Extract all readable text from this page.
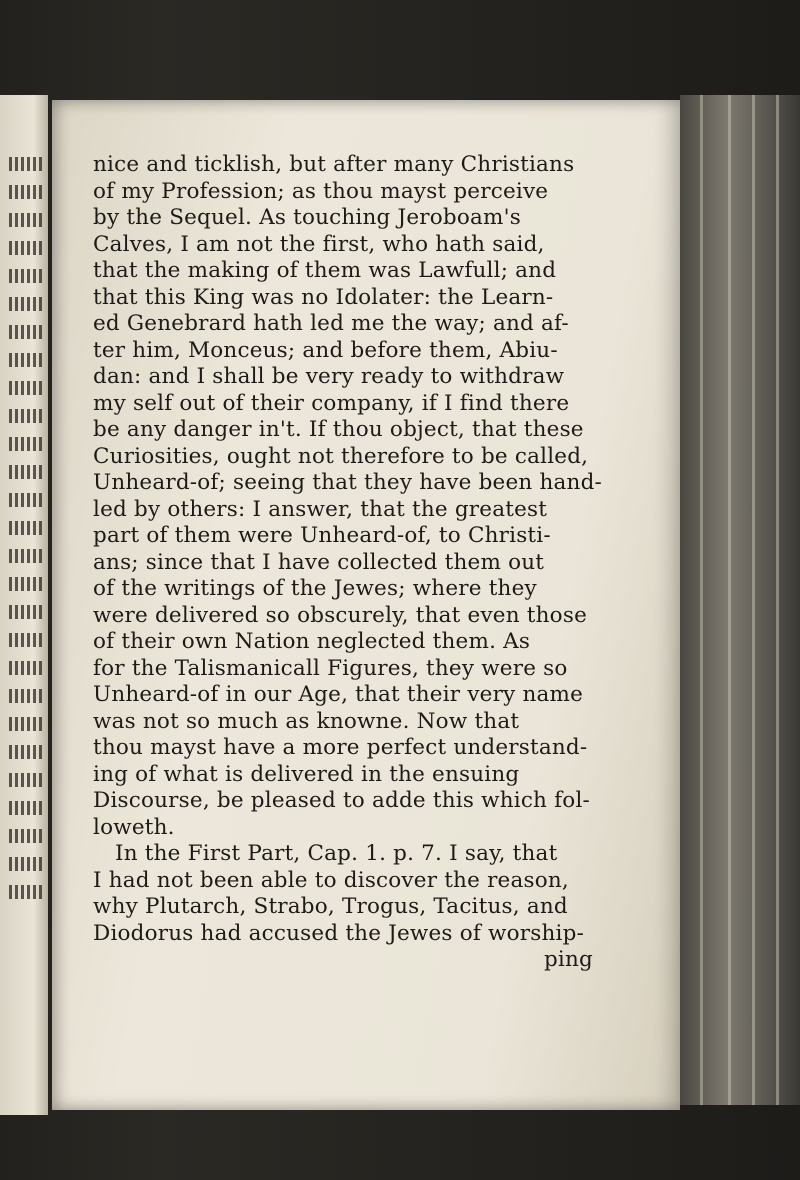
nice and ticklish, but after many Christians
of my Profession; as thou mayst perceive
by the Sequel. As touching Jeroboam's
Calves, I am not the first, who hath said,
that the making of them was Lawfull; and
that this King was no Idolater: the Learn-
ed Genebrard hath led me the way; and af-
ter him, Monceus; and before them, Abiu-
dan: and I shall be very ready to withdraw
my self out of their company, if I find there
be any danger in't. If thou object, that these
Curiosities, ought not therefore to be called,
Unheard-of; seeing that they have been hand-
led by others: I answer, that the greatest
part of them were Unheard-of, to Christi-
ans; since that I have collected them out
of the writings of the Jewes; where they
were delivered so obscurely, that even those
of their own Nation neglected them. As
for the Talismanicall Figures, they were so
Unheard-of in our Age, that their very name
was not so much as knowne. Now that
thou mayst have a more perfect understand-
ing of what is delivered in the ensuing
Discourse, be pleased to adde this which fol-
loweth.
In the First Part, Cap. 1. p. 7. I say, that
I had not been able to discover the reason,
why Plutarch, Strabo, Trogus, Tacitus, and
Diodorus had accused the Jewes of worship-
ping
